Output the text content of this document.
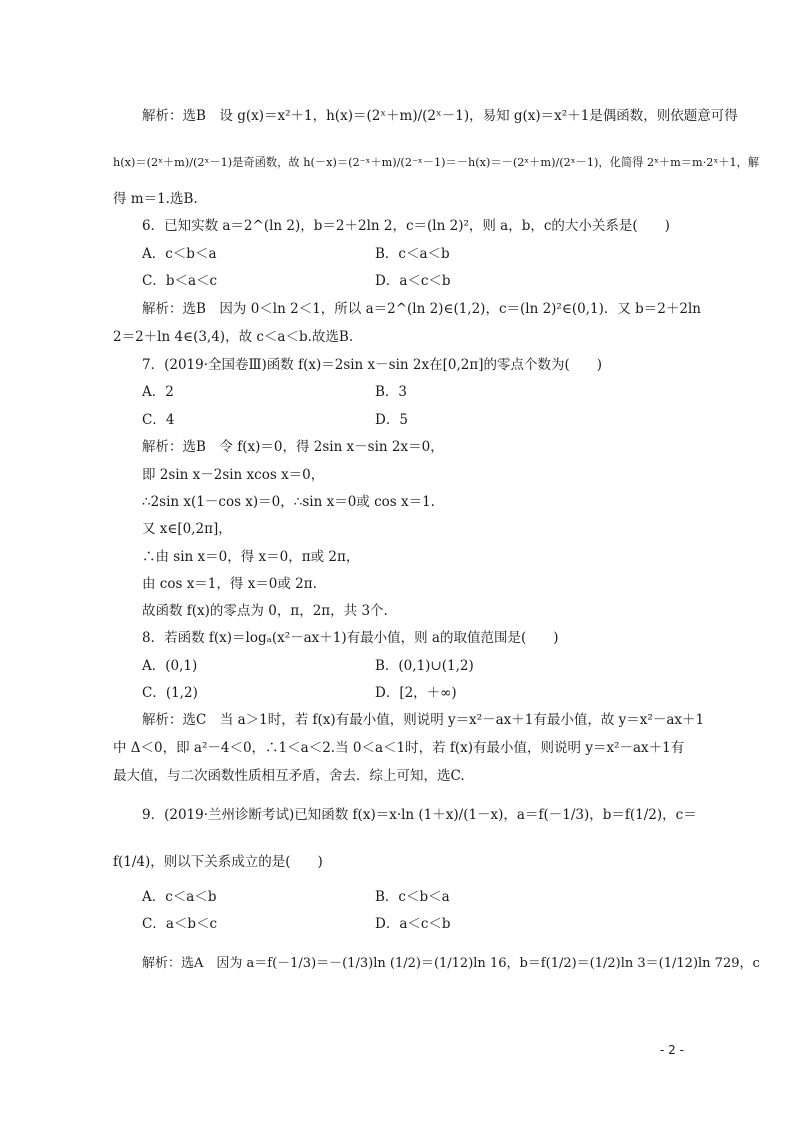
解析：选B　设 g(x)＝x²＋1，h(x)＝(2ˣ＋m)/(2ˣ－1)，易知 g(x)＝x²＋1是偶函数，则依题意可得
h(x)＝(2ˣ＋m)/(2ˣ－1)是奇函数，故 h(－x)＝(2⁻ˣ＋m)/(2⁻ˣ－1)＝－h(x)＝－(2ˣ＋m)/(2ˣ－1)，化简得 2ˣ＋m＝m·2ˣ＋1，解
得 m＝1.选B.
6．已知实数 a＝2^(ln 2)，b＝2＋2ln 2，c＝(ln 2)²，则 a，b，c的大小关系是(　　)
A．c＜b＜a	B．c＜a＜b
C．b＜a＜c	D．a＜c＜b
解析：选B　因为 0＜ln 2＜1，所以 a＝2^(ln 2)∈(1,2)，c＝(ln 2)²∈(0,1)．又 b＝2＋2ln
2＝2＋ln 4∈(3,4)，故 c＜a＜b.故选B.
7．(2019·全国卷Ⅲ)函数 f(x)＝2sin x－sin 2x在[0,2π]的零点个数为(　　)
A．2	B．3
C．4	D．5
解析：选B　令 f(x)＝0，得 2sin x－sin 2x＝0，
即 2sin x－2sin xcos x＝0，
∴2sin x(1－cos x)＝0，∴sin x＝0或 cos x＝1.
又 x∈[0,2π]，
∴由 sin x＝0，得 x＝0，π或 2π，
由 cos x＝1，得 x＝0或 2π.
故函数 f(x)的零点为 0，π，2π，共 3个.
8．若函数 f(x)＝logₐ(x²－ax＋1)有最小值，则 a的取值范围是(　　)
A．(0,1)	B．(0,1)∪(1,2)
C．(1,2)	D．[2，＋∞)
解析：选C　当 a＞1时，若 f(x)有最小值，则说明 y＝x²－ax＋1有最小值，故 y＝x²－ax＋1
中 Δ＜0，即 a²－4＜0，∴1＜a＜2.当 0＜a＜1时，若 f(x)有最小值，则说明 y＝x²－ax＋1有
最大值，与二次函数性质相互矛盾，舍去．综上可知，选C.
9．(2019·兰州诊断考试)已知函数 f(x)＝x·ln (1＋x)/(1－x)，a＝f(－1/3)，b＝f(1/2)，c＝
f(1/4)，则以下关系成立的是(　　)
A．c＜a＜b	B．c＜b＜a
C．a＜b＜c	D．a＜c＜b
解析：选A　因为 a＝f(－1/3)＝－(1/3)ln (1/2)＝(1/12)ln 16，b＝f(1/2)＝(1/2)ln 3＝(1/12)ln 729，c
- 2 -
